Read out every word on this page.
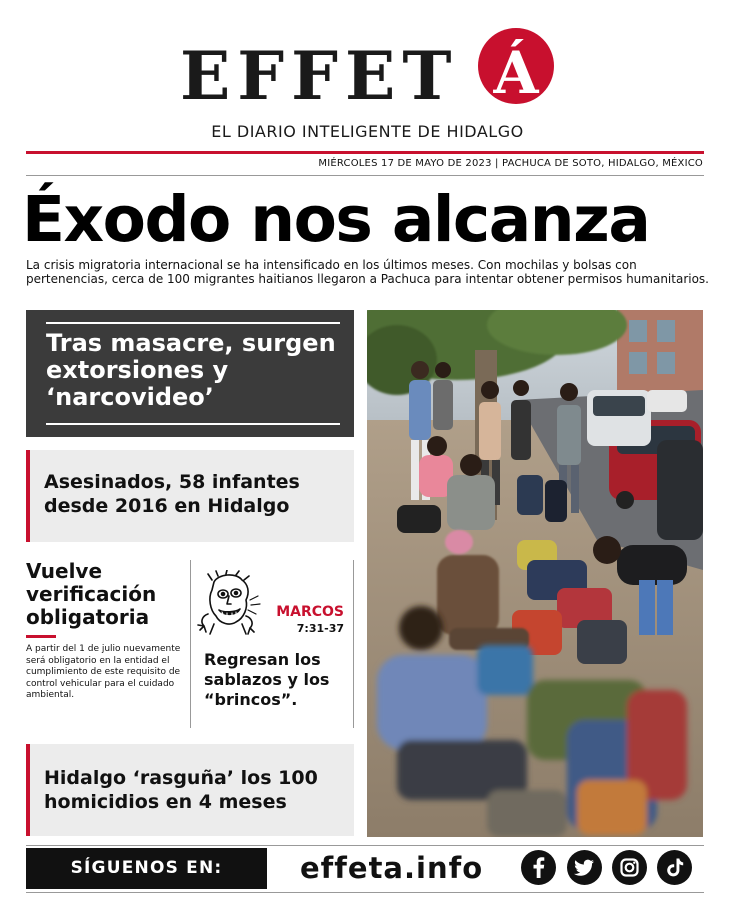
EFFET Á
EL DIARIO INTELIGENTE DE HIDALGO
MIÉRCOLES 17 DE MAYO DE 2023 | PACHUCA DE SOTO, HIDALGO, MÉXICO
Éxodo nos alcanza

La crisis migratoria internacional se ha intensificado en los últimos meses. Con mochilas y bolsas con pertenencias, cerca de 100 migrantes haitianos llegaron a Pachuca para intentar obtener permisos humanitarios.

Tras masacre, surgen extorsiones y ‘narcovideo’
Asesinados, 58 infantes desde 2016 en Hidalgo
Vuelve verificación obligatoria
A partir del 1 de julio nuevamente será obligatorio en la entidad el cumplimiento de este requisito de control vehicular para el cuidado ambiental.
MARCOS
7:31-37
Regresan los sablazos y los “brincos”.
Hidalgo ‘rasguña’ los 100 homicidios en 4 meses
SÍGUENOS EN:	effeta.info
